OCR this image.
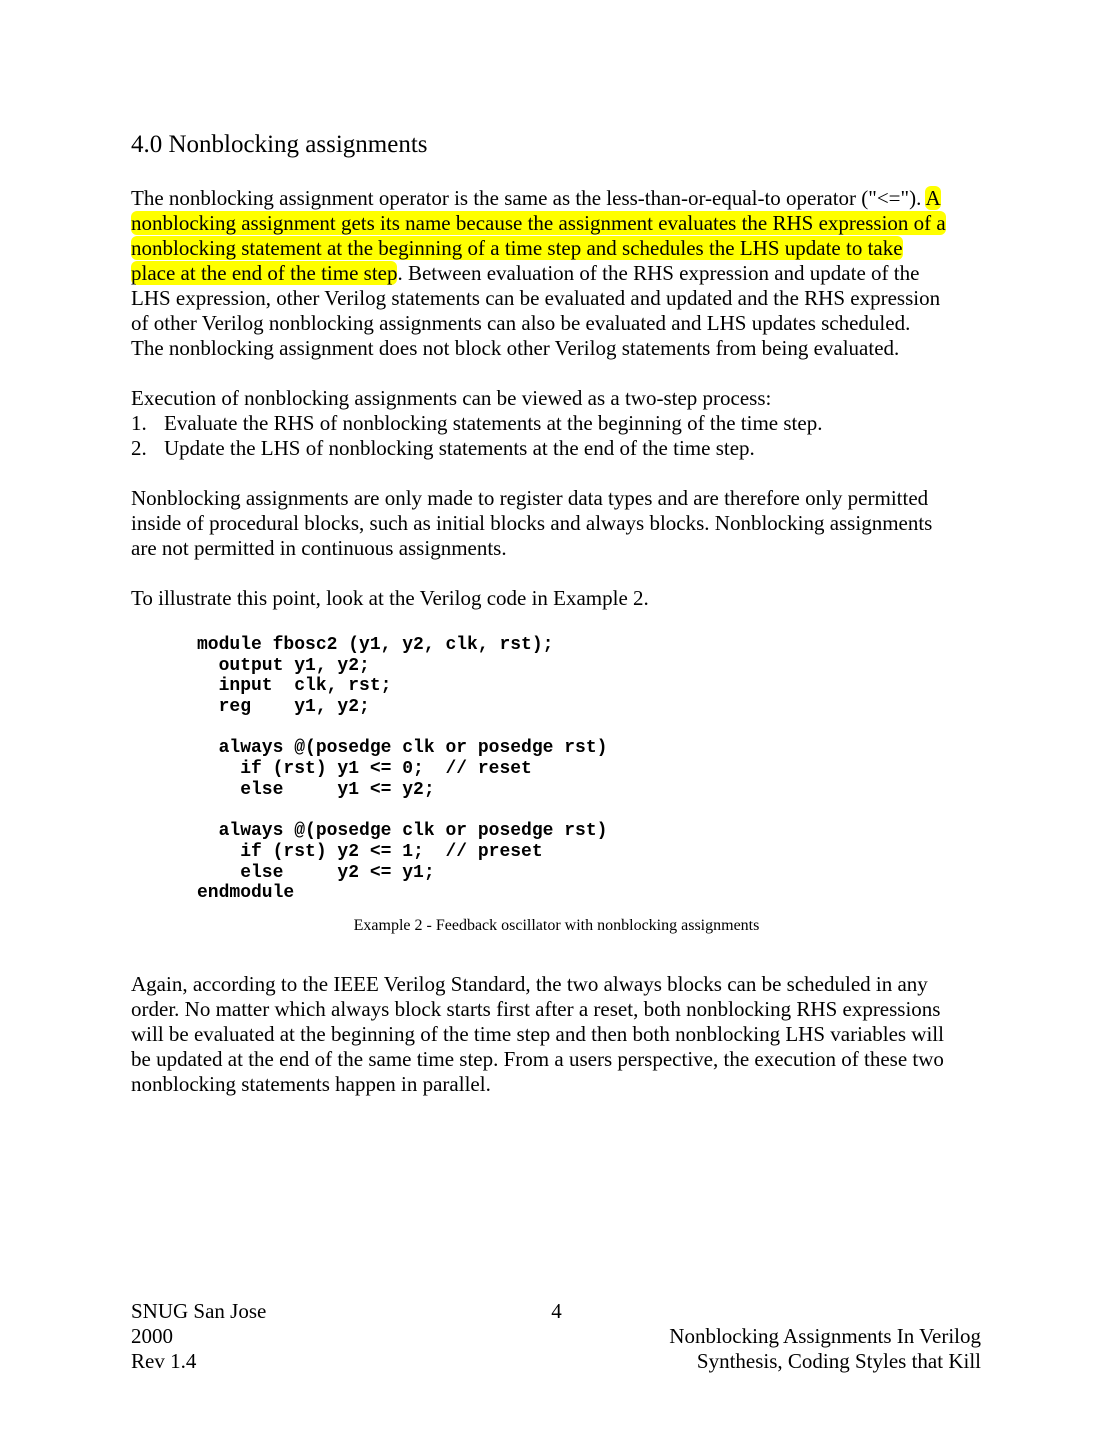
4.0 Nonblocking assignments
The nonblocking assignment operator is the same as the less-than-or-equal-to operator ("<="). A
nonblocking assignment gets its name because the assignment evaluates the RHS expression of a
nonblocking statement at the beginning of a time step and schedules the LHS update to take
place at the end of the time step. Between evaluation of the RHS expression and update of the
LHS expression, other Verilog statements can be evaluated and updated and the RHS expression
of other Verilog nonblocking assignments can also be evaluated and LHS updates scheduled.
The nonblocking assignment does not block other Verilog statements from being evaluated.
Execution of nonblocking assignments can be viewed as a two-step process:
1. Evaluate the RHS of nonblocking statements at the beginning of the time step.
2. Update the LHS of nonblocking statements at the end of the time step.
Nonblocking assignments are only made to register data types and are therefore only permitted
inside of procedural blocks, such as initial blocks and always blocks. Nonblocking assignments
are not permitted in continuous assignments.
To illustrate this point, look at the Verilog code in Example 2.
module fbosc2 (y1, y2, clk, rst);
output y1, y2;
input  clk, rst;
reg    y1, y2;
always @(posedge clk or posedge rst)
if (rst) y1 <= 0;  // reset
else     y1 <= y2;
always @(posedge clk or posedge rst)
if (rst) y2 <= 1;  // preset
else     y2 <= y1;
endmodule
Example 2 - Feedback oscillator with nonblocking assignments
Again, according to the IEEE Verilog Standard, the two always blocks can be scheduled in any
order. No matter which always block starts first after a reset, both nonblocking RHS expressions
will be evaluated at the beginning of the time step and then both nonblocking LHS variables will
be updated at the end of the same time step. From a users perspective, the execution of these two
nonblocking statements happen in parallel.
SNUG San Jose
2000
Rev 1.4
4
Nonblocking Assignments In Verilog
Synthesis, Coding Styles that Kill
